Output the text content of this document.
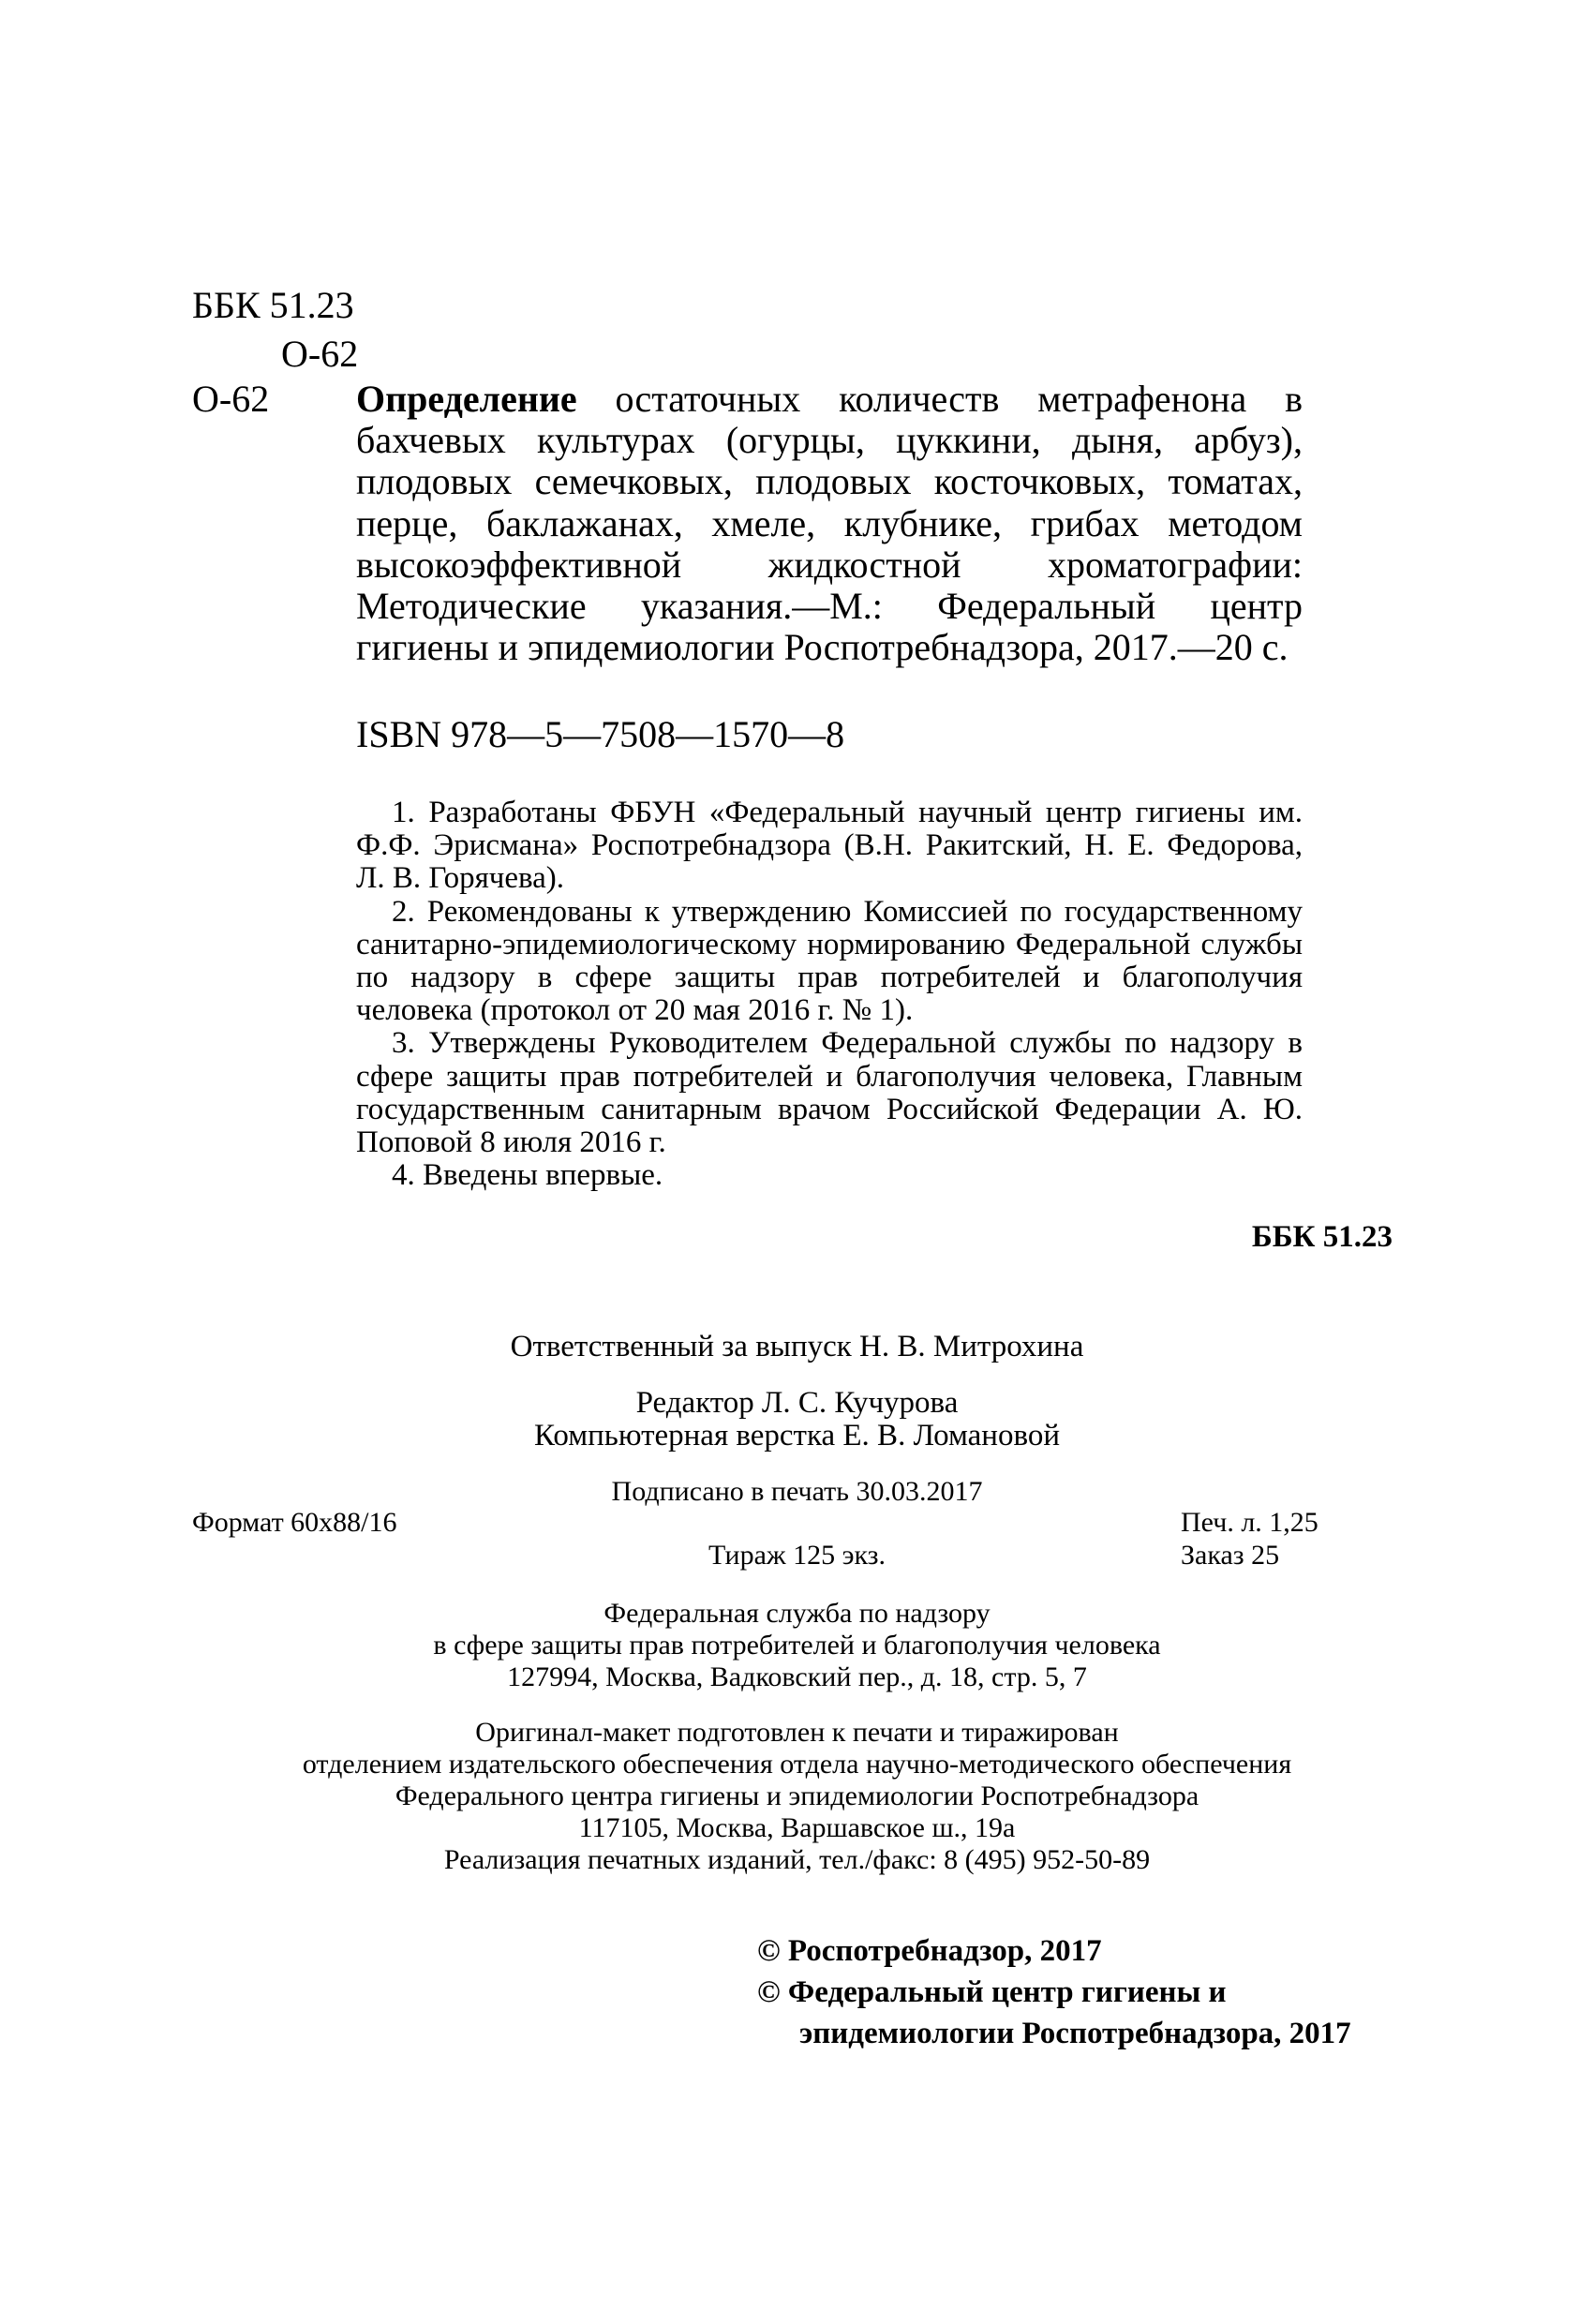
ББК 51.23
О-62
О-62 Определение остаточных количеств метрафенона в бахчевых культурах (огурцы, цуккини, дыня, арбуз), плодовых семечковых, плодовых косточковых, томатах, перце, баклажанах, хмеле, клубнике, грибах методом высокоэффективной жидкостной хроматографии: Методические указания.—М.: Федеральный центр гигиены и эпидемиологии Роспотребнадзора, 2017.—20 с.
ISBN 978—5—7508—1570—8

1. Разработаны ФБУН «Федеральный научный центр гигиены им. Ф.Ф. Эрисмана» Роспотребнадзора (В.Н. Ракитский, Н. Е. Федорова, Л. В. Горячева).

2. Рекомендованы к утверждению Комиссией по государственному санитарно-эпидемиологическому нормированию Федеральной службы по надзору в сфере защиты прав потребителей и благополучия человека (протокол от 20 мая 2016 г. № 1).

3. Утверждены Руководителем Федеральной службы по надзору в сфере защиты прав потребителей и благополучия человека, Главным государственным санитарным врачом Российской Федерации А. Ю. Поповой 8 июля 2016 г.

4. Введены впервые.

ББК 51.23
Ответственный за выпуск Н. В. Митрохина
Редактор Л. С. Кучурова
Компьютерная верстка Е. В. Ломановой
Подписано в печать 30.03.2017
Формат 60x88/16	Печ. л. 1,25
Тираж 125 экз.	Заказ 25
Федеральная служба по надзору
в сфере защиты прав потребителей и благополучия человека
127994, Москва, Вадковский пер., д. 18, стр. 5, 7
Оригинал-макет подготовлен к печати и тиражирован
отделением издательского обеспечения отдела научно-методического обеспечения
Федерального центра гигиены и эпидемиологии Роспотребнадзора
117105, Москва, Варшавское ш., 19а
Реализация печатных изданий, тел./факс: 8 (495) 952-50-89
© Роспотребнадзор, 2017
© Федеральный центр гигиены и
эпидемиологии Роспотребнадзора, 2017
